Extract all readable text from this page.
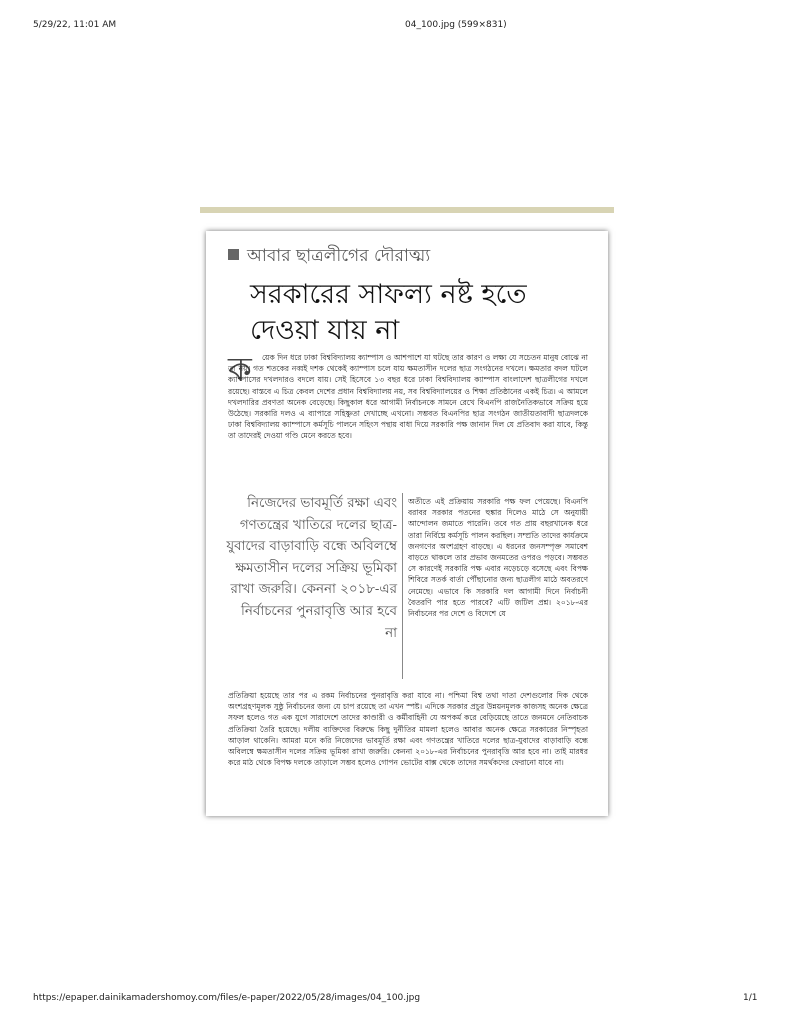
5/29/22, 11:01 AM	04_100.jpg (599×831)
আবার ছাত্রলীগের দৌরাত্ম্য
সরকারের সাফল্য নষ্ট হতে দেওয়া যায় না
ক	য়েক দিন ধরে ঢাকা বিশ্ববিদ্যালয় ক্যাম্পাস ও আশপাশে যা ঘটছে তার কারণ ও লক্ষ্য যে সচেতন মানুষ বোঝে না তা নয়। গত শতকের নব্বই দশক থেকেই ক্যাম্পাস চলে যায় ক্ষমতাসীন দলের ছাত্র সংগঠনের দখলে। ক্ষমতার বদল ঘটলে ক্যাম্পাসের দখলদারও বদলে যায়। সেই হিসেবে ১৩ বছর ধরে ঢাকা বিশ্ববিদ্যালয় ক্যাম্পাস বাংলাদেশ ছাত্রলীগের দখলে রয়েছে। বাস্তবে এ চিত্র কেবল দেশের প্রধান বিশ্ববিদ্যালয় নয়, সব বিশ্ববিদ্যালয়ের ও শিক্ষা প্রতিষ্ঠানের একই চিত্র। এ আমলে দখলদারির প্রবণতা অনেক বেড়েছে। কিছুকাল ধরে আগামী নির্বাচনকে সামনে রেখে বিএনপি রাজনৈতিকভাবে সক্রিয় হয়ে উঠেছে। সরকারি দলও এ ব্যাপারে সহিষ্ণুতা দেখাচ্ছে এখনো। সম্ভবত বিএনপির ছাত্র সংগঠন জাতীয়তাবাদী ছাত্রদলকে ঢাকা বিশ্ববিদ্যালয় ক্যাম্পাসে কর্মসূচি পালনে সহিংস পন্থায় বাধা দিয়ে সরকারি পক্ষ জানান দিল যে প্রতিবাদ করা যাবে, কিন্তু তা তাদেরই দেওয়া গণ্ডি মেনে করতে হবে।

নিজেদের ভাবমূর্তি রক্ষা এবং গণতন্ত্রের খাতিরে দলের ছাত্র-যুবাদের বাড়াবাড়ি বন্ধে অবিলম্বে ক্ষমতাসীন দলের সক্রিয় ভূমিকা রাখা জরুরি। কেননা ২০১৮-এর নির্বাচনের পুনরাবৃত্তি আর হবে না

অতীতে এই প্রক্রিয়ায় সরকারি পক্ষ ফল পেয়েছে। বিএনপি বরাবর সরকার পতনের হুঙ্কার দিলেও মাঠে সে অনুযায়ী আন্দোলন জমাতে পারেনি। তবে গত প্রায় বছরখানেক ধরে তারা নির্বিঘ্নে কর্মসূচি পালন করছিল। সম্প্রতি তাদের কার্যক্রমে জনগণের অংশগ্রহণ বাড়ছে। এ ধরনের জনসম্পৃক্ত সমাবেশ বাড়তে থাকলে তার প্রভাব জনমতের ওপরও পড়বে। সম্ভবত সে কারণেই সরকারি পক্ষ এবার নড়েচড়ে বসেছে এবং বিপক্ষ শিবিরে সতর্ক বার্তা পৌঁছানোর জন্য ছাত্রলীগ মাঠে অবতরণে নেমেছে। এভাবে কি সরকারি দল আগামী দিনে নির্বাচনী বৈতরণি পার হতে পারবে? এটি জটিল প্রশ্ন। ২০১৮-এর নির্বাচনের পর দেশে ও বিদেশে যে

প্রতিক্রিয়া হয়েছে তার পর এ রকম নির্বাচনের পুনরাবৃত্তি করা যাবে না। পশ্চিমা বিশ্ব তথা দাতা দেশগুলোর দিক থেকে অংশগ্রহণমূলক সুষ্ঠু নির্বাচনের জন্য যে চাপ রয়েছে তা এখন স্পষ্ট। এদিকে সরকার প্রচুর উন্নয়নমূলক কাজসহ অনেক ক্ষেত্রে সফল হলেও গত এক যুগে সারাদেশে তাদের কাণ্ডারী ও কর্মীবাহিনী যে অপকর্ম করে বেড়িয়েছে তাতে জনমনে নেতিবাচক প্রতিক্রিয়া তৈরি হয়েছে। দলীয় ব্যক্তিদের বিরুদ্ধে কিছু দুর্নীতির মামলা হলেও আবার অনেক ক্ষেত্রে সরকারের নিস্পৃহতা আড়াল থাকেনি। আমরা মনে করি নিজেদের ভাবমূর্তি রক্ষা এবং গণতন্ত্রের খাতিরে দলের ছাত্র-যুবাদের বাড়াবাড়ি বন্ধে অবিলম্বে ক্ষমতাসীন দলের সক্রিয় ভূমিকা রাখা জরুরি। কেননা ২০১৮-এর নির্বাচনের পুনরাবৃত্তি আর হবে না। তাই মারধর করে মাঠ থেকে বিপক্ষ দলকে তাড়ালে সম্ভব হলেও গোপন ভোটের বাক্স থেকে তাদের সমর্থকদের ফেরানো যাবে না।

https://epaper.dainikamadershomoy.com/files/e-paper/2022/05/28/images/04_100.jpg	1/1
